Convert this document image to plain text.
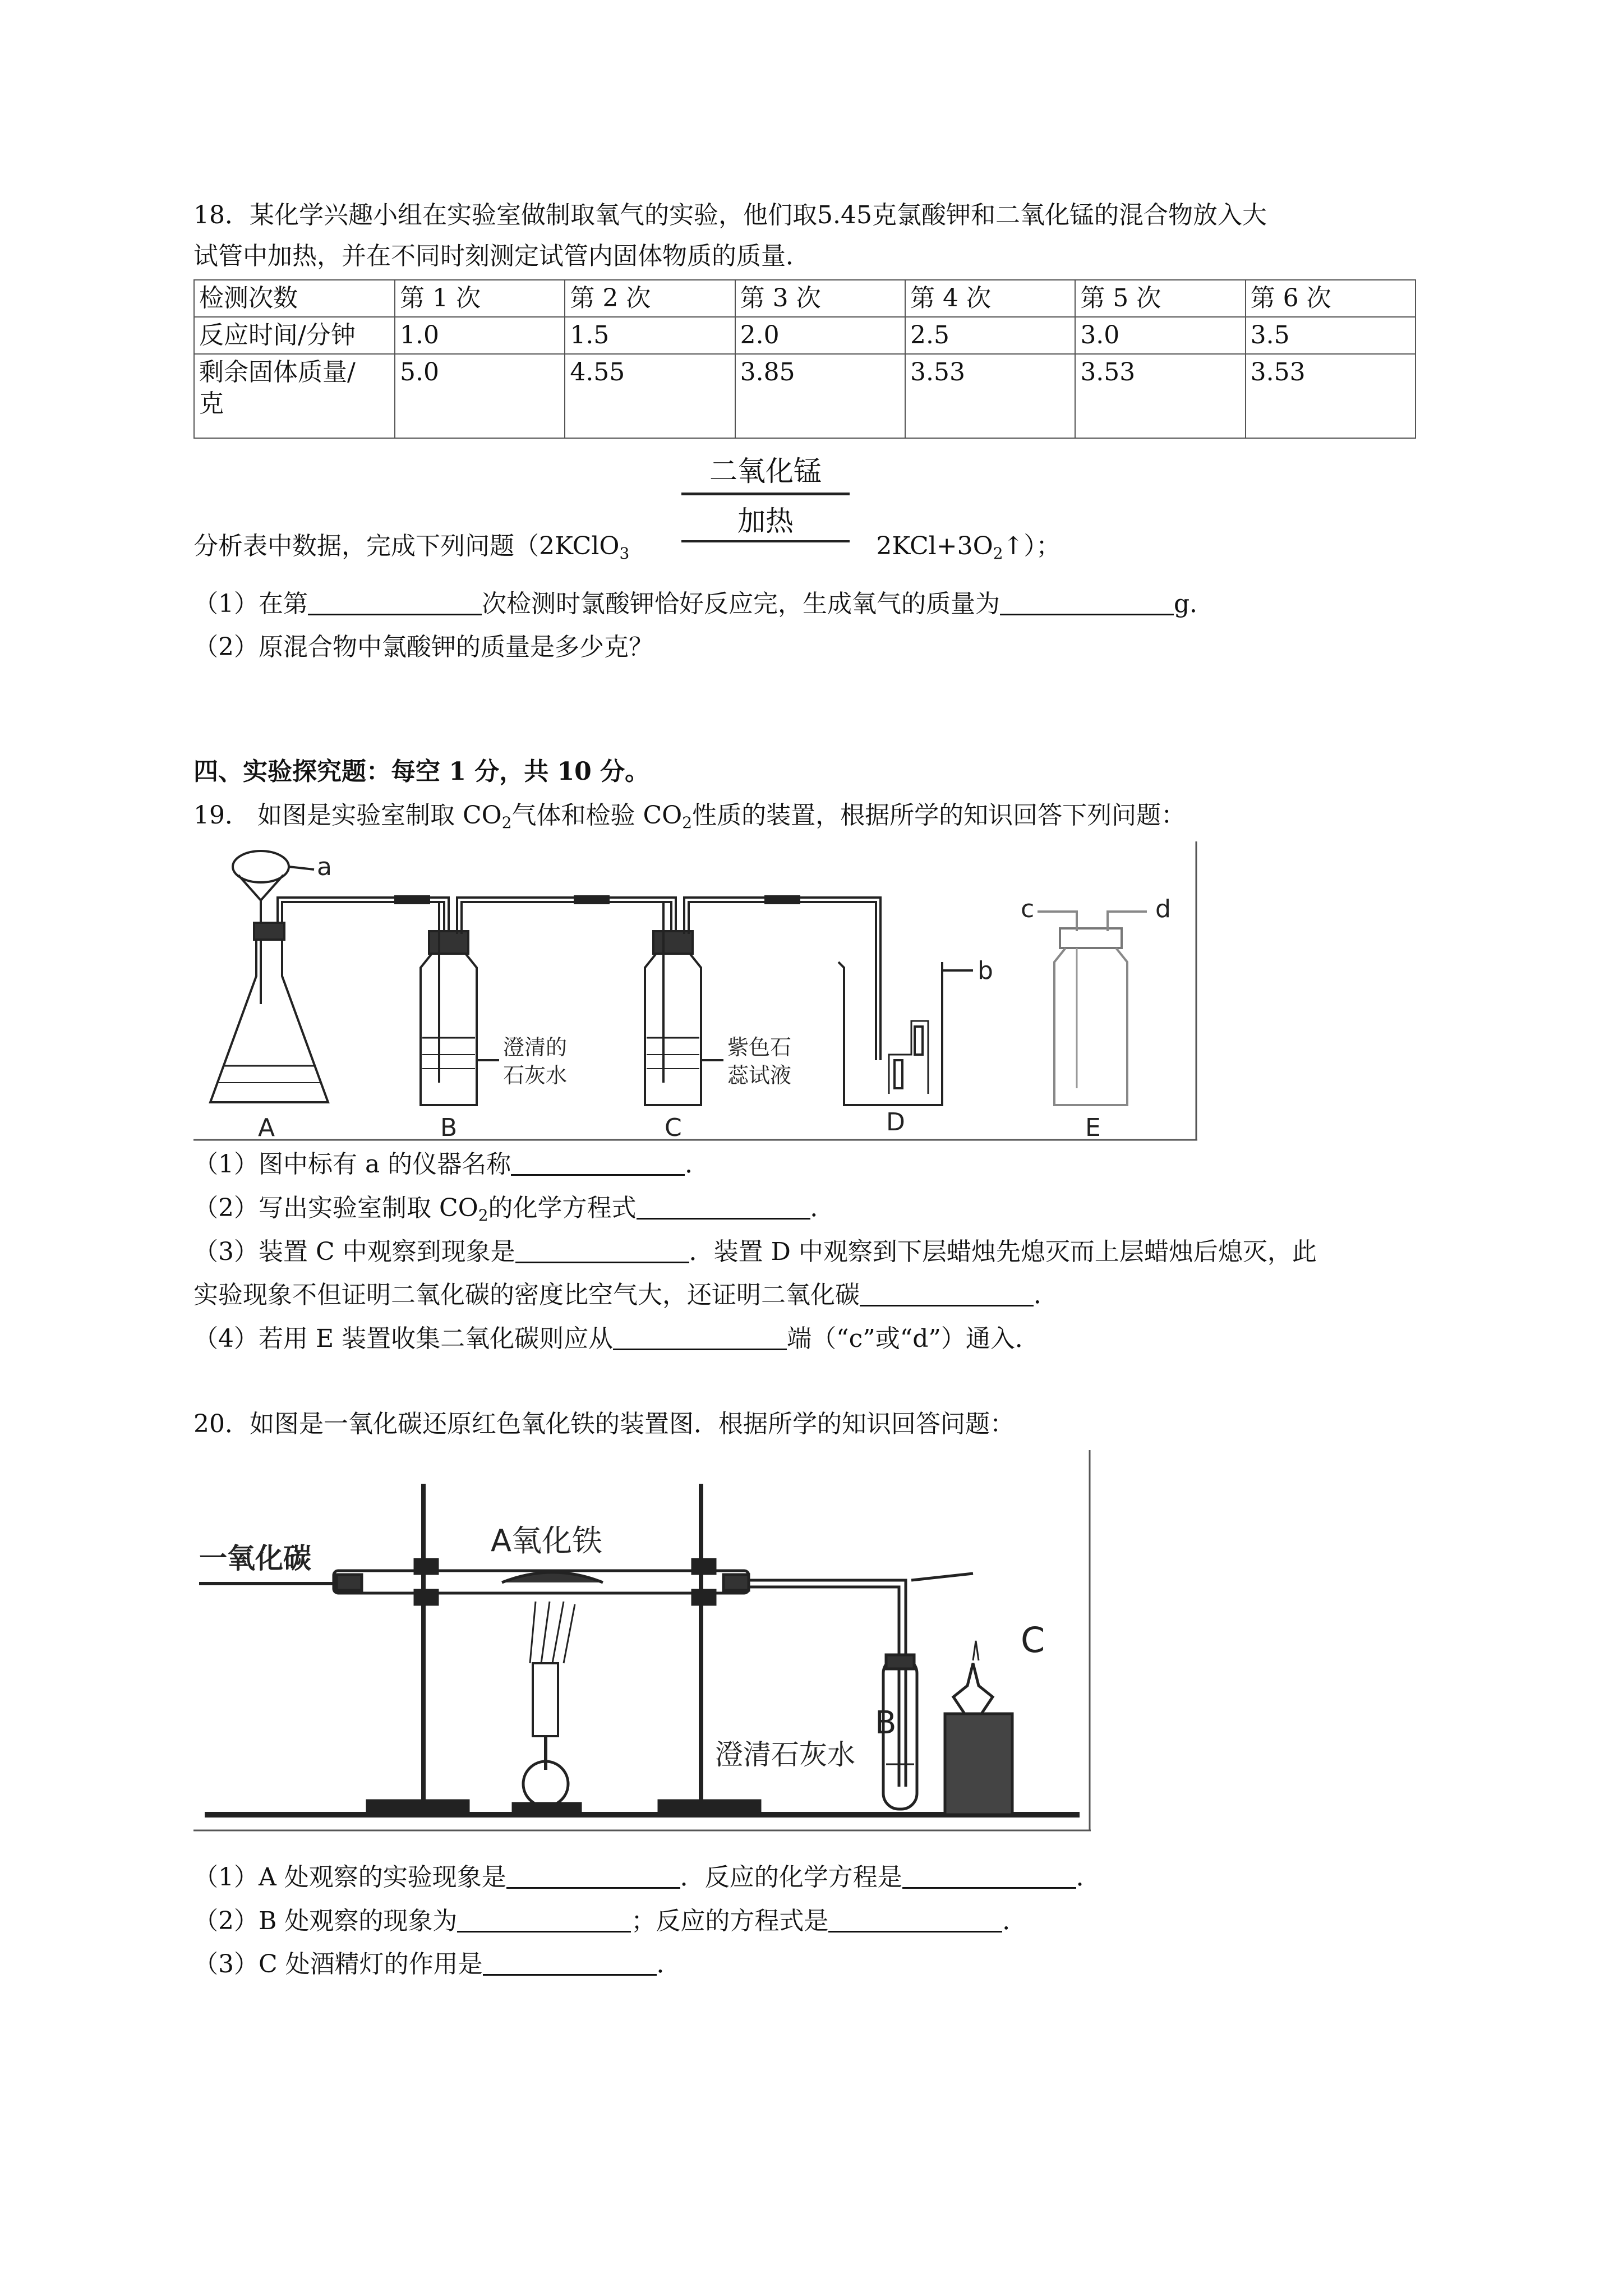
18．某化学兴趣小组在实验室做制取氧气的实验，他们取5.45克氯酸钾和二氧化锰的混合物放入大
试管中加热，并在不同时刻测定试管内固体物质的质量．
检测次数	第 1 次	第 2 次	第 3 次	第 4 次	第 5 次	第 6 次
反应时间/分钟	1.0	1.5	2.0	2.5	3.0	3.5
剩余固体质量/
克	5.0	4.55	3.85	3.53	3.53	3.53
二氧化锰
加热
分析表中数据，完成下列问题（2KClO$_3$	$2KCl+3O_2↑$）；
（1）在第	次检测时氯酸钾恰好反应完，生成氧气的质量为	g．
（2）原混合物中氯酸钾的质量是多少克？
四、实验探究题：每空 1 分，共 10 分。
19． 如图是实验室制取 $CO_2$气体和检验 $CO_2$性质的装置，根据所学的知识回答下列问题：
a
b
c	d
澄清的
石灰水
紫色石
蕊试液
A	B	C	D	E
（1）图中标有 a 的仪器名称	．
（2）写出实验室制取 $CO_2$的化学方程式	．
（3）装置 C 中观察到现象是	．装置 D 中观察到下层蜡烛先熄灭而上层蜡烛后熄灭，此
实验现象不但证明二氧化碳的密度比空气大，还证明二氧化碳	．
（4）若用 E 装置收集二氧化碳则应从	端（“c”或“d”）通入．
20．如图是一氧化碳还原红色氧化铁的装置图．根据所学的知识回答问题：
一氧化碳	A氧化铁
B
澄清石灰水
C
（1）A 处观察的实验现象是	．反应的化学方程是	．
（2）B 处观察的现象为	；反应的方程式是	．
（3）C 处酒精灯的作用是	．
